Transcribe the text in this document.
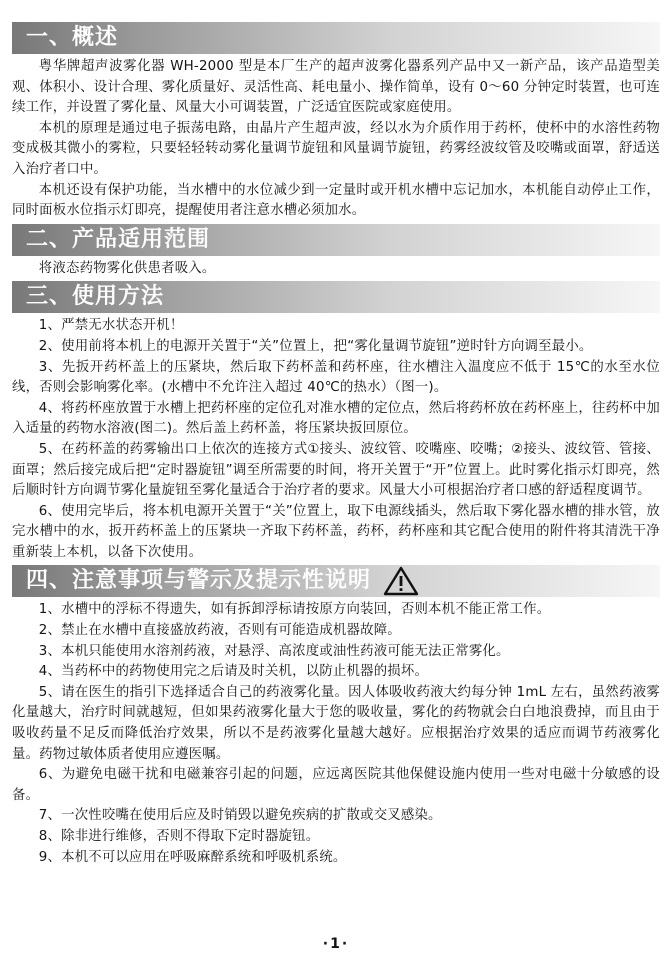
一、概述

粤华牌超声波雾化器 WH-2000 型是本厂生产的超声波雾化器系列产品中又一新产品，该产品造型美观、体积小、设计合理、雾化质量好、灵活性高、耗电量小、操作简单，设有 0～60 分钟定时装置，也可连续工作，并设置了雾化量、风量大小可调装置，广泛适宜医院或家庭使用。

本机的原理是通过电子振荡电路，由晶片产生超声波，经以水为介质作用于药杯，使杯中的水溶性药物变成极其微小的雾粒，只要轻轻转动雾化量调节旋钮和风量调节旋钮，药雾经波纹管及咬嘴或面罩，舒适送入治疗者口中。

本机还设有保护功能，当水槽中的水位减少到一定量时或开机水槽中忘记加水，本机能自动停止工作，同时面板水位指示灯即亮，提醒使用者注意水槽必须加水。

二、产品适用范围

将液态药物雾化供患者吸入。

三、使用方法

1、严禁无水状态开机！

2、使用前将本机上的电源开关置于“关”位置上，把“雾化量调节旋钮”逆时针方向调至最小。

3、先扳开药杯盖上的压紧块，然后取下药杯盖和药杯座，往水槽注入温度应不低于 15℃的水至水位线，否则会影响雾化率。(水槽中不允许注入超过 40℃的热水）（图一)。

4、将药杯座放置于水槽上把药杯座的定位孔对准水槽的定位点，然后将药杯放在药杯座上，往药杯中加入适量的药物水溶液(图二)。然后盖上药杯盖，将压紧块扳回原位。

5、在药杯盖的药雾输出口上依次的连接方式①接头、波纹管、咬嘴座、咬嘴；②接头、波纹管、管接、面罩；然后接完成后把“定时器旋钮”调至所需要的时间，将开关置于“开”位置上。此时雾化指示灯即亮，然后顺时针方向调节雾化量旋钮至雾化量适合于治疗者的要求。风量大小可根据治疗者口感的舒适程度调节。

6、使用完毕后，将本机电源开关置于“关”位置上，取下电源线插头，然后取下雾化器水槽的排水管，放完水槽中的水，扳开药杯盖上的压紧块一齐取下药杯盖，药杯，药杯座和其它配合使用的附件将其清洗干净重新装上本机，以备下次使用。

四、注意事项与警示及提示性说明

1、水槽中的浮标不得遗失，如有拆卸浮标请按原方向装回，否则本机不能正常工作。

2、禁止在水槽中直接盛放药液，否则有可能造成机器故障。

3、本机只能使用水溶剂药液，对悬浮、高浓度或油性药液可能无法正常雾化。

4、当药杯中的药物使用完之后请及时关机，以防止机器的损坏。

5、请在医生的指引下选择适合自己的药液雾化量。因人体吸收药液大约每分钟 1mL 左右，虽然药液雾化量越大，治疗时间就越短，但如果药液雾化量大于您的吸收量，雾化的药物就会白白地浪费掉，而且由于吸收药量不足反而降低治疗效果，所以不是药液雾化量越大越好。应根据治疗效果的适应而调节药液雾化量。药物过敏体质者使用应遵医嘱。

6、为避免电磁干扰和电磁兼容引起的问题，应远离医院其他保健设施内使用一些对电磁十分敏感的设备。

7、一次性咬嘴在使用后应及时销毁以避免疾病的扩散或交叉感染。

8、除非进行维修，否则不得取下定时器旋钮。

9、本机不可以应用在呼吸麻醉系统和呼吸机系统。

·1·
